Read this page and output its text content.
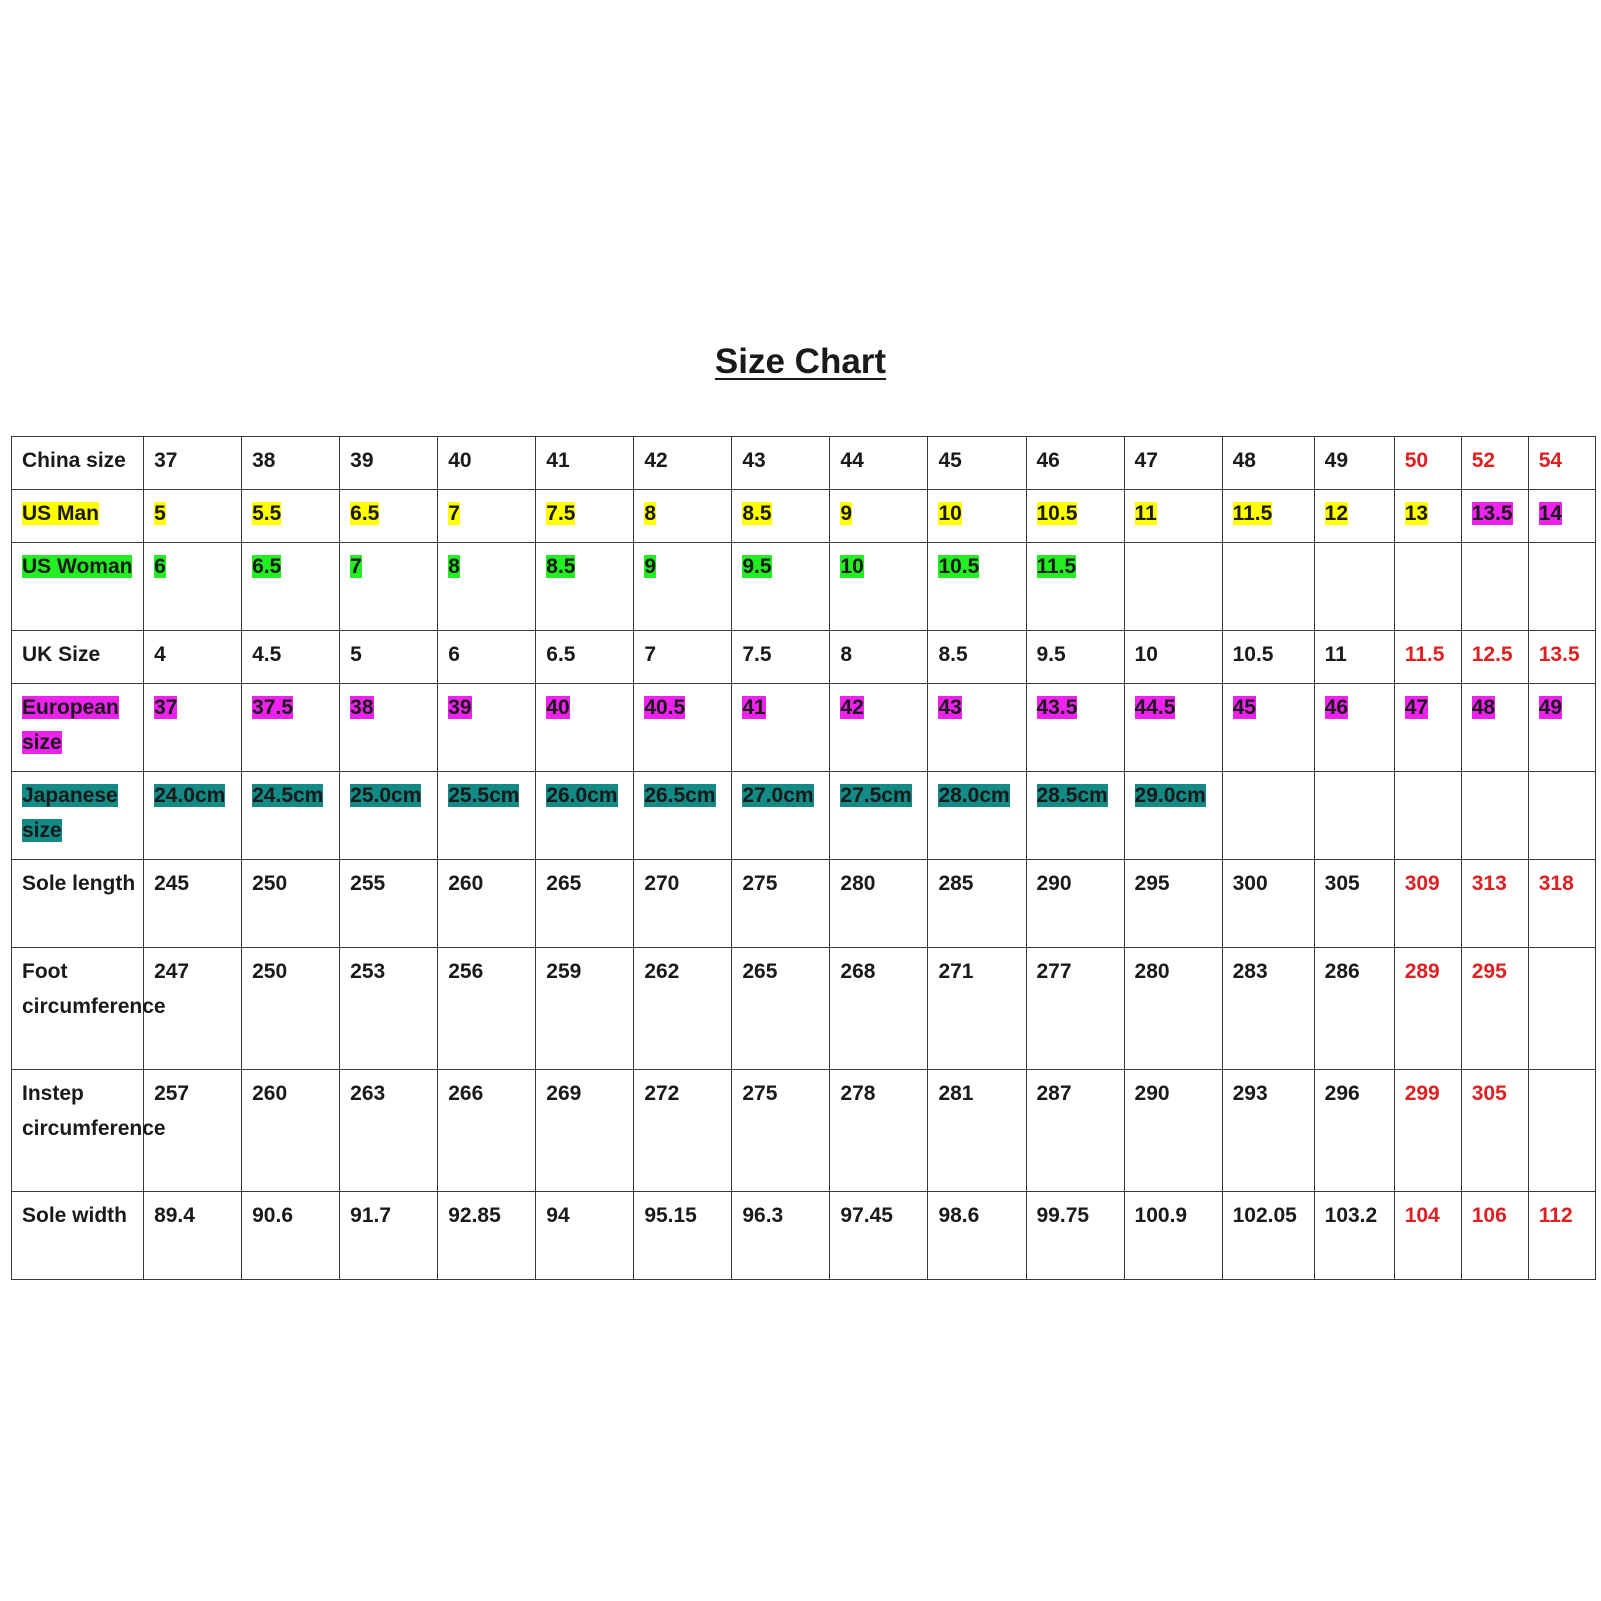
Size Chart
China size	37	38	39	40	41	42	43	44	45	46	47	48	49	50	52	54
US Man	5	5.5	6.5	7	7.5	8	8.5	9	10	10.5	11	11.5	12	13	13.5	14
US Woman	6	6.5	7	8	8.5	9	9.5	10	10.5	11.5						
UK Size	4	4.5	5	6	6.5	7	7.5	8	8.5	9.5	10	10.5	11	11.5	12.5	13.5
European size	37	37.5	38	39	40	40.5	41	42	43	43.5	44.5	45	46	47	48	49
Japanese size	24.0cm	24.5cm	25.0cm	25.5cm	26.0cm	26.5cm	27.0cm	27.5cm	28.0cm	28.5cm	29.0cm					
Sole length	245	250	255	260	265	270	275	280	285	290	295	300	305	309	313	318
Foot circumference	247	250	253	256	259	262	265	268	271	277	280	283	286	289	295	
Instep circumference	257	260	263	266	269	272	275	278	281	287	290	293	296	299	305	
Sole width	89.4	90.6	91.7	92.85	94	95.15	96.3	97.45	98.6	99.75	100.9	102.05	103.2	104	106	112
